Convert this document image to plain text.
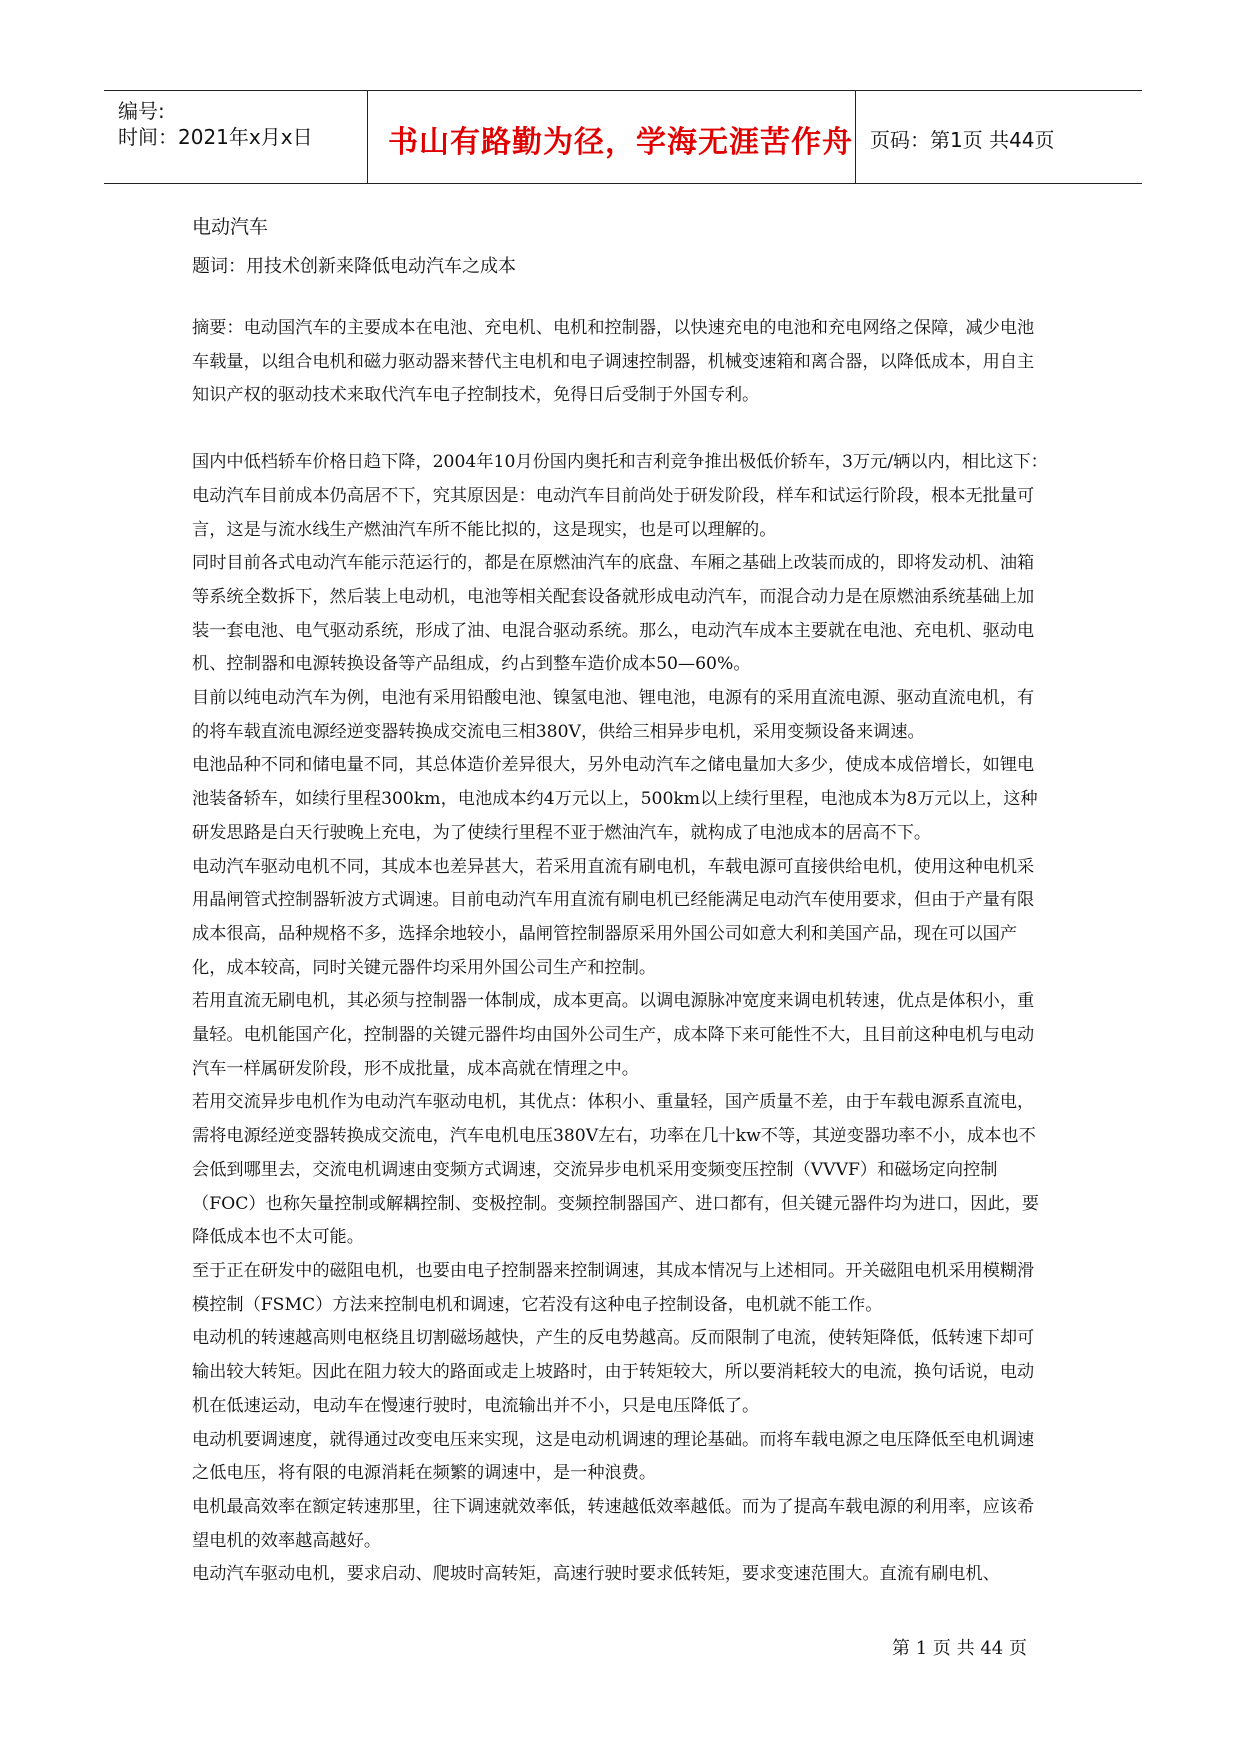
编号:
时间：2021年x月x日	书山有路勤为径，学海无涯苦作舟 页码：第1页 共44页
电动汽车
题词：用技术创新来降低电动汽车之成本

摘要：电动国汽车的主要成本在电池、充电机、电机和控制器，以快速充电的电池和充电网络之保障，减少电池车载量，以组合电机和磁力驱动器来替代主电机和电子调速控制器，机械变速箱和离合器，以降低成本，用自主知识产权的驱动技术来取代汽车电子控制技术，免得日后受制于外国专利。

国内中低档轿车价格日趋下降，2004年10月份国内奥托和吉利竞争推出极低价轿车，3万元/辆以内，相比这下：电动汽车目前成本仍高居不下，究其原因是：电动汽车目前尚处于研发阶段，样车和试运行阶段，根本无批量可言，这是与流水线生产燃油汽车所不能比拟的，这是现实，也是可以理解的。

同时目前各式电动汽车能示范运行的，都是在原燃油汽车的底盘、车厢之基础上改装而成的，即将发动机、油箱等系统全数拆下，然后装上电动机，电池等相关配套设备就形成电动汽车，而混合动力是在原燃油系统基础上加装一套电池、电气驱动系统，形成了油、电混合驱动系统。那么，电动汽车成本主要就在电池、充电机、驱动电机、控制器和电源转换设备等产品组成，约占到整车造价成本50—60%。

目前以纯电动汽车为例，电池有采用铅酸电池、镍氢电池、锂电池，电源有的采用直流电源、驱动直流电机，有的将车载直流电源经逆变器转换成交流电三相380V，供给三相异步电机，采用变频设备来调速。

电池品种不同和储电量不同，其总体造价差异很大，另外电动汽车之储电量加大多少，使成本成倍增长，如锂电池装备轿车，如续行里程300km，电池成本约4万元以上，500km以上续行里程，电池成本为8万元以上，这种研发思路是白天行驶晚上充电，为了使续行里程不亚于燃油汽车，就构成了电池成本的居高不下。

电动汽车驱动电机不同，其成本也差异甚大，若采用直流有刷电机，车载电源可直接供给电机，使用这种电机采用晶闸管式控制器斩波方式调速。目前电动汽车用直流有刷电机已经能满足电动汽车使用要求，但由于产量有限成本很高，品种规格不多，选择余地较小，晶闸管控制器原采用外国公司如意大利和美国产品，现在可以国产化，成本较高，同时关键元器件均采用外国公司生产和控制。

若用直流无刷电机，其必须与控制器一体制成，成本更高。以调电源脉冲宽度来调电机转速，优点是体积小，重量轻。电机能国产化，控制器的关键元器件均由国外公司生产，成本降下来可能性不大，且目前这种电机与电动汽车一样属研发阶段，形不成批量，成本高就在情理之中。

若用交流异步电机作为电动汽车驱动电机，其优点：体积小、重量轻，国产质量不差，由于车载电源系直流电，需将电源经逆变器转换成交流电，汽车电机电压380V左右，功率在几十kw不等，其逆变器功率不小，成本也不会低到哪里去，交流电机调速由变频方式调速，交流异步电机采用变频变压控制（VVVF）和磁场定向控制（FOC）也称矢量控制或解耦控制、变极控制。变频控制器国产、进口都有，但关键元器件均为进口，因此，要降低成本也不太可能。

至于正在研发中的磁阻电机，也要由电子控制器来控制调速，其成本情况与上述相同。开关磁阻电机采用模糊滑模控制（FSMC）方法来控制电机和调速，它若没有这种电子控制设备，电机就不能工作。

电动机的转速越高则电枢绕且切割磁场越快，产生的反电势越高。反而限制了电流，使转矩降低，低转速下却可输出较大转矩。因此在阻力较大的路面或走上坡路时，由于转矩较大，所以要消耗较大的电流，换句话说，电动机在低速运动，电动车在慢速行驶时，电流输出并不小，只是电压降低了。

电动机要调速度，就得通过改变电压来实现，这是电动机调速的理论基础。而将车载电源之电压降低至电机调速之低电压，将有限的电源消耗在频繁的调速中，是一种浪费。

电机最高效率在额定转速那里，往下调速就效率低，转速越低效率越低。而为了提高车载电源的利用率，应该希望电机的效率越高越好。

电动汽车驱动电机，要求启动、爬坡时高转矩，高速行驶时要求低转矩，要求变速范围大。直流有刷电机、

第 1 页 共 44 页
